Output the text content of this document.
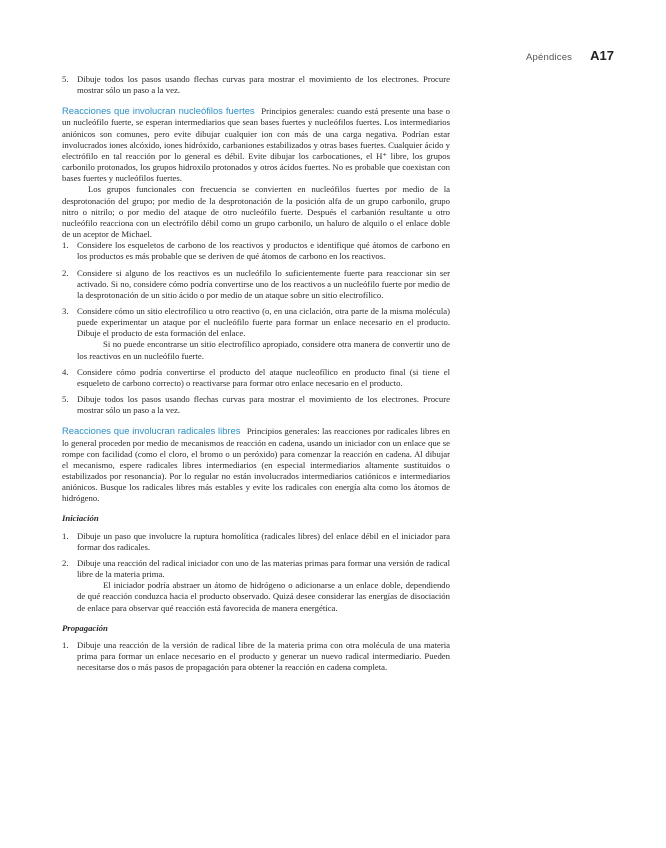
Apéndices A17
5. Dibuje todos los pasos usando flechas curvas para mostrar el movimiento de los electrones. Procure mostrar sólo un paso a la vez.

Reacciones que involucran nucleófilos fuertes Principios generales: cuando está presente una base o un nucleófilo fuerte, se esperan intermediarios que sean bases fuertes y nucleófilos fuertes. Los intermediarios aniónicos son comunes, pero evite dibujar cualquier ion con más de una carga negativa. Podrían estar involucrados iones alcóxido, iones hidróxido, carbaniones estabilizados y otras bases fuertes. Cualquier ácido y electrófilo en tal reacción por lo general es débil. Evite dibujar los carbocationes, el H⁺ libre, los grupos carbonilo protonados, los grupos hidroxilo protonados y otros ácidos fuertes. No es probable que coexistan con bases fuertes y nucleófilos fuertes.

Los grupos funcionales con frecuencia se convierten en nucleófilos fuertes por medio de la desprotonación del grupo; por medio de la desprotonación de la posición alfa de un grupo carbonilo, grupo nitro o nitrilo; o por medio del ataque de otro nucleófilo fuerte. Después el carbanión resultante u otro nucleófilo reacciona con un electrófilo débil como un grupo carbonilo, un haluro de alquilo o el enlace doble de un aceptor de Michael.

1. Considere los esqueletos de carbono de los reactivos y productos e identifique qué átomos de carbono en los productos es más probable que se deriven de qué átomos de carbono en los reactivos.
2. Considere si alguno de los reactivos es un nucleófilo lo suficientemente fuerte para reaccionar sin ser activado. Si no, considere cómo podría convertirse uno de los reactivos a un nucleófilo fuerte por medio de la desprotonación de un sitio ácido o por medio de un ataque sobre un sitio electrofílico.
3. Considere cómo un sitio electrofílico u otro reactivo (o, en una ciclación, otra parte de la misma molécula) puede experimentar un ataque por el nucleófilo fuerte para formar un enlace necesario en el producto. Dibuje el producto de esta formación del enlace.

Si no puede encontrarse un sitio electrofílico apropiado, considere otra manera de convertir uno de los reactivos en un nucleófilo fuerte.

4. Considere cómo podría convertirse el producto del ataque nucleofílico en producto final (si tiene el esqueleto de carbono correcto) o reactivarse para formar otro enlace necesario en el producto.
5. Dibuje todos los pasos usando flechas curvas para mostrar el movimiento de los electrones. Procure mostrar sólo un paso a la vez.

Reacciones que involucran radicales libres Principios generales: las reacciones por radicales libres en lo general proceden por medio de mecanismos de reacción en cadena, usando un iniciador con un enlace que se rompe con facilidad (como el cloro, el bromo o un peróxido) para comenzar la reacción en cadena. Al dibujar el mecanismo, espere radicales libres intermediarios (en especial intermediarios altamente sustituidos o estabilizados por resonancia). Por lo regular no están involucrados intermediarios catiónicos e intermediarios aniónicos. Busque los radicales libres más estables y evite los radicales con energía alta como los átomos de hidrógeno.

Iniciación
1. Dibuje un paso que involucre la ruptura homolítica (radicales libres) del enlace débil en el iniciador para formar dos radicales.
2. Dibuje una reacción del radical iniciador con uno de las materias primas para formar una versión de radical libre de la materia prima.

El iniciador podría abstraer un átomo de hidrógeno o adicionarse a un enlace doble, dependiendo de qué reacción conduzca hacia el producto observado. Quizá desee considerar las energías de disociación de enlace para observar qué reacción está favorecida de manera energética.

Propagación
1. Dibuje una reacción de la versión de radical libre de la materia prima con otra molécula de una materia prima para formar un enlace necesario en el producto y generar un nuevo radical intermediario. Pueden necesitarse dos o más pasos de propagación para obtener la reacción en cadena completa.
